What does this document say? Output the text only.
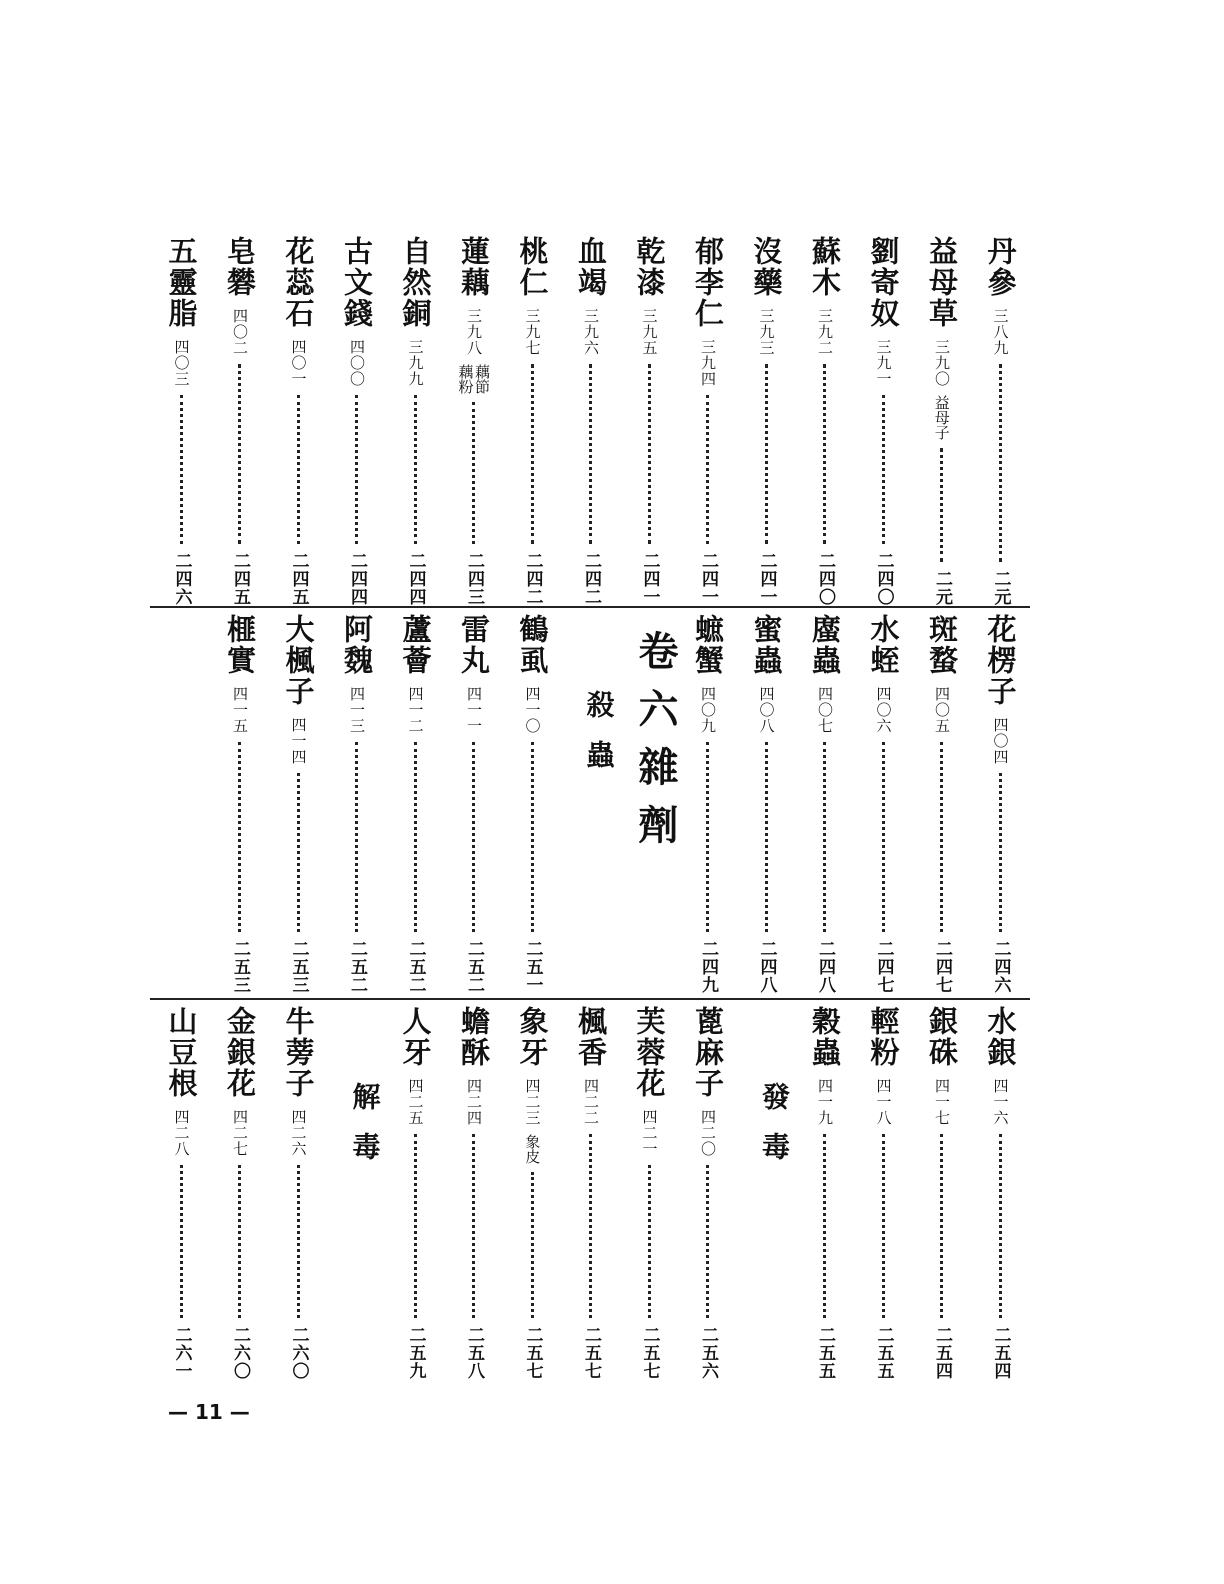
丹參
三八九
二元
益母草
三九〇
益母子
二元
劉寄奴
三九一
二四〇
蘇木
三九二
二四〇
沒藥
三九三
二四一
郁李仁
三九四
二四一
乾漆
三九五
二四一
血竭
三九六
二四二
桃仁
三九七
二四二
蓮藕
三九八
藕節
藕粉
二四三
自然銅
三九九
二四四
古文錢
四〇〇
二四四
花蕊石
四〇一
二四五
皂礬
四〇二
二四五
五靈脂
四〇三
二四六
花楞子
四〇四
二四六
斑蝥
四〇五
二四七
水蛭
四〇六
二四七
䗪蟲
四〇七
二四八
蜜蟲
四〇八
二四八
蟅蟹
四〇九
二四九
卷六雜劑
殺蟲
鶴虱
四一〇
二五一
雷丸
四一一
二五二
蘆薈
四一二
二五二
阿魏
四一三
二五二
大楓子
四一四
二五三
榧實
四一五
二五三
水銀
四一六
二五四
銀硃
四一七
二五四
輕粉
四一八
二五五
穀蟲
四一九
二五五
發毒
蓖麻子
四二〇
二五六
芙蓉花
四二一
二五七
楓香
四二二
二五七
象牙
四二三
象皮
二五七
蟾酥
四二四
二五八
人牙
四二五
二五九
解毒
牛蒡子
四二六
二六〇
金銀花
四二七
二六〇
山豆根
四二八
二六一
— 11 —
